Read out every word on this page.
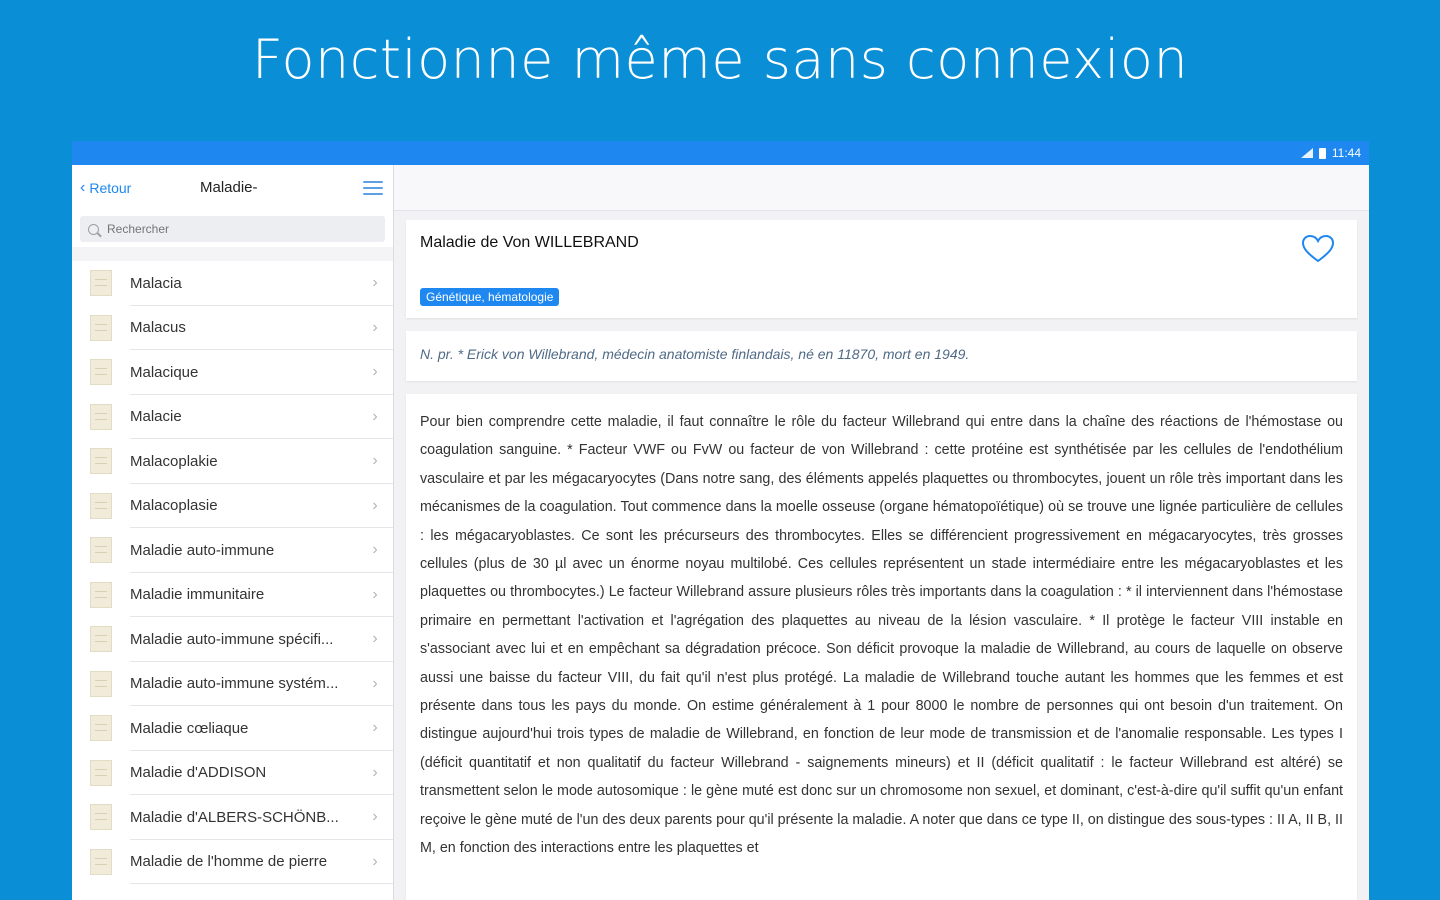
Fonctionne même sans connexion
11:44
‹ Retour	Maladie-
Rechercher
Malacia	›
Malacus	›
Malacique	›
Malacie	›
Malacoplakie	›
Malacoplasie	›
Maladie auto-immune	›
Maladie immunitaire	›
Maladie auto-immune spécifi...	›
Maladie auto-immune systém...	›
Maladie cœliaque	›
Maladie d'ADDISON	›
Maladie d'ALBERS-SCHÖNB...	›
Maladie de l'homme de pierre	›
Maladie de Von WILLEBRAND
Génétique, hématologie

N. pr. * Erick von Willebrand, médecin anatomiste finlandais, né en 11870, mort en 1949.

Pour bien comprendre cette maladie, il faut connaître le rôle du facteur Willebrand qui entre dans la chaîne des réactions de l'hémostase ou coagulation sanguine. * Facteur VWF ou FvW ou facteur de von Willebrand : cette protéine est synthétisée par les cellules de l'endothélium vasculaire et par les mégacaryocytes (Dans notre sang, des éléments appelés plaquettes ou thrombocytes, jouent un rôle très important dans les mécanismes de la coagulation. Tout commence dans la moelle osseuse (organe hématopoïétique) où se trouve une lignée particulière de cellules : les mégacaryoblastes. Ce sont les précurseurs des thrombocytes. Elles se différencient progressivement en mégacaryocytes, très grosses cellules (plus de 30 µl avec un énorme noyau multilobé. Ces cellules représentent un stade intermédiaire entre les mégacaryoblastes et les plaquettes ou thrombocytes.) Le facteur Willebrand assure plusieurs rôles très importants dans la coagulation : * il interviennent dans l'hémostase primaire en permettant l'activation et l'agrégation des plaquettes au niveau de la lésion vasculaire. * Il protège le facteur VIII instable en s'associant avec lui et en empêchant sa dégradation précoce. Son déficit provoque la maladie de Willebrand, au cours de laquelle on observe aussi une baisse du facteur VIII, du fait qu'il n'est plus protégé. La maladie de Willebrand touche autant les hommes que les femmes et est présente dans tous les pays du monde. On estime généralement à 1 pour 8000 le nombre de personnes qui ont besoin d'un traitement. On distingue aujourd'hui trois types de maladie de Willebrand, en fonction de leur mode de transmission et de l'anomalie responsable. Les types I (déficit quantitatif et non qualitatif du facteur Willebrand - saignements mineurs) et II (déficit qualitatif : le facteur Willebrand est altéré) se transmettent selon le mode autosomique : le gène muté est donc sur un chromosome non sexuel, et dominant, c'est-à-dire qu'il suffit qu'un enfant reçoive le gène muté de l'un des deux parents pour qu'il présente la maladie. A noter que dans ce type II, on distingue des sous-types : II A, II B, II M, en fonction des interactions entre les plaquettes et
